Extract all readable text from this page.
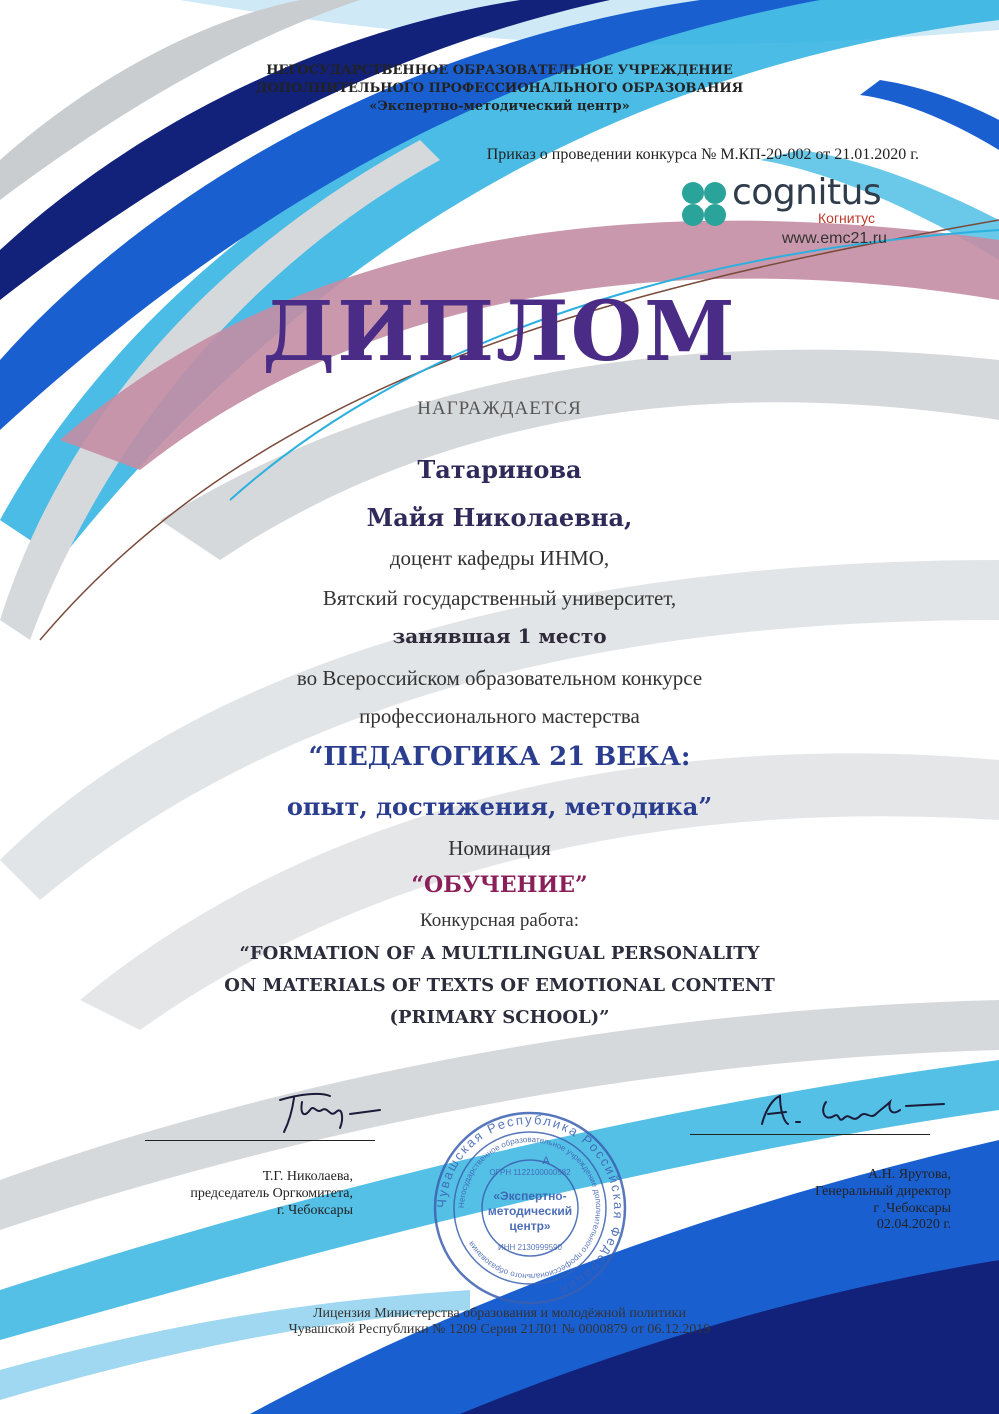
НЕГОСУДАРСТВЕННОЕ ОБРАЗОВАТЕЛЬНОЕ УЧРЕЖДЕНИЕ
ДОПОЛНИТЕЛЬНОГО ПРОФЕССИОНАЛЬНОГО ОБРАЗОВАНИЯ
«Экспертно-методический центр»
Приказ о проведении конкурса № М.КП-20-002 от 21.01.2020 г.
cognitus
Когнитус
www.emc21.ru
ДИПЛОМ
НАГРАЖДАЕТСЯ
Татаринова
Майя Николаевна,
доцент кафедры ИНМО,
Вятский государственный университет,
занявшая 1 место
во Всероссийском образовательном конкурсе
профессионального мастерства
“ПЕДАГОГИКА 21 ВЕКА:
опыт, достижения, методика”
Номинация
“ОБУЧЕНИЕ”
Конкурсная работа:
“FORMATION OF A MULTILINGUAL PERSONALITY
ON MATERIALS OF TEXTS OF EMOTIONAL CONTENT
(PRIMARY SCHOOL)”
Т.Г. Николаева,
председатель Оргкомитета,
г. Чебоксары
А.Н. Ярутова,
Генеральный директор
г .Чебоксары
02.04.2020 г.
Чувашская Республика Российская Федерация
Негосударственное образовательное учреждение дополнительного профессионального образования
ОГРН 1122100000582
А
«Экспертно-
методический
центр»
ИНН 2130999590
Лицензия Министерства образования и молодёжной политики
Чувашской Республики № 1209 Серия 21Л01 № 0000879 от 06.12.2019
